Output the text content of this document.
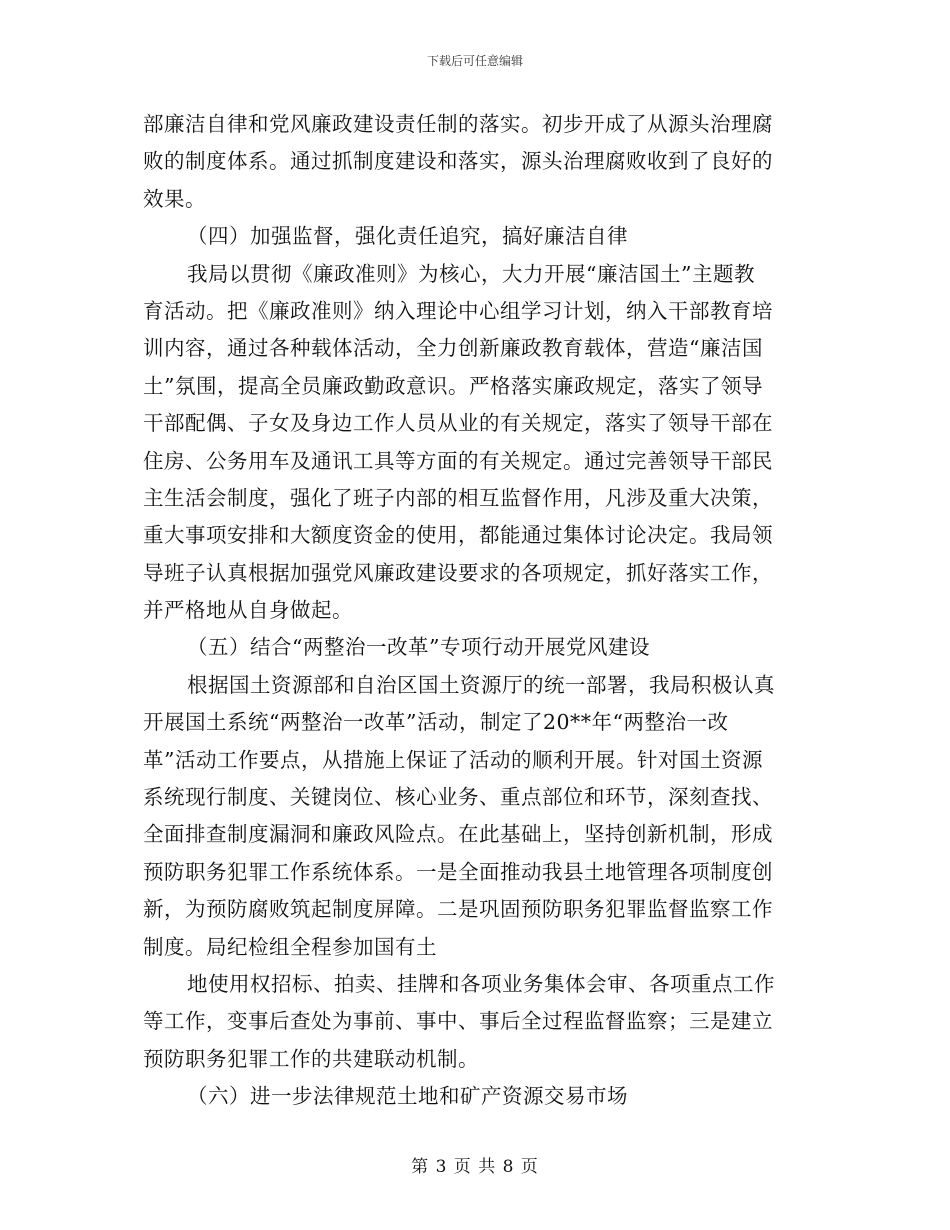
下载后可任意编辑
部廉洁自律和党风廉政建设责任制的落实。初步开成了从源头治理腐
败的制度体系。通过抓制度建设和落实，源头治理腐败收到了良好的
效果。
（四）加强监督，强化责任追究，搞好廉洁自律
我局以贯彻《廉政准则》为核心，大力开展“廉洁国土”主题教
育活动。把《廉政准则》纳入理论中心组学习计划，纳入干部教育培
训内容，通过各种载体活动，全力创新廉政教育载体，营造“廉洁国
土”氛围，提高全员廉政勤政意识。严格落实廉政规定，落实了领导
干部配偶、子女及身边工作人员从业的有关规定，落实了领导干部在
住房、公务用车及通讯工具等方面的有关规定。通过完善领导干部民
主生活会制度，强化了班子内部的相互监督作用，凡涉及重大决策，
重大事项安排和大额度资金的使用，都能通过集体讨论决定。我局领
导班子认真根据加强党风廉政建设要求的各项规定，抓好落实工作，
并严格地从自身做起。
（五）结合“两整治一改革”专项行动开展党风建设
根据国土资源部和自治区国土资源厅的统一部署，我局积极认真
开展国土系统“两整治一改革”活动，制定了20**年“两整治一改
革”活动工作要点，从措施上保证了活动的顺利开展。针对国土资源
系统现行制度、关键岗位、核心业务、重点部位和环节，深刻查找、
全面排查制度漏洞和廉政风险点。在此基础上，坚持创新机制，形成
预防职务犯罪工作系统体系。一是全面推动我县土地管理各项制度创
新，为预防腐败筑起制度屏障。二是巩固预防职务犯罪监督监察工作
制度。局纪检组全程参加国有土
地使用权招标、拍卖、挂牌和各项业务集体会审、各项重点工作
等工作，变事后查处为事前、事中、事后全过程监督监察；三是建立
预防职务犯罪工作的共建联动机制。
（六）进一步法律规范土地和矿产资源交易市场
第 3 页 共 8 页
